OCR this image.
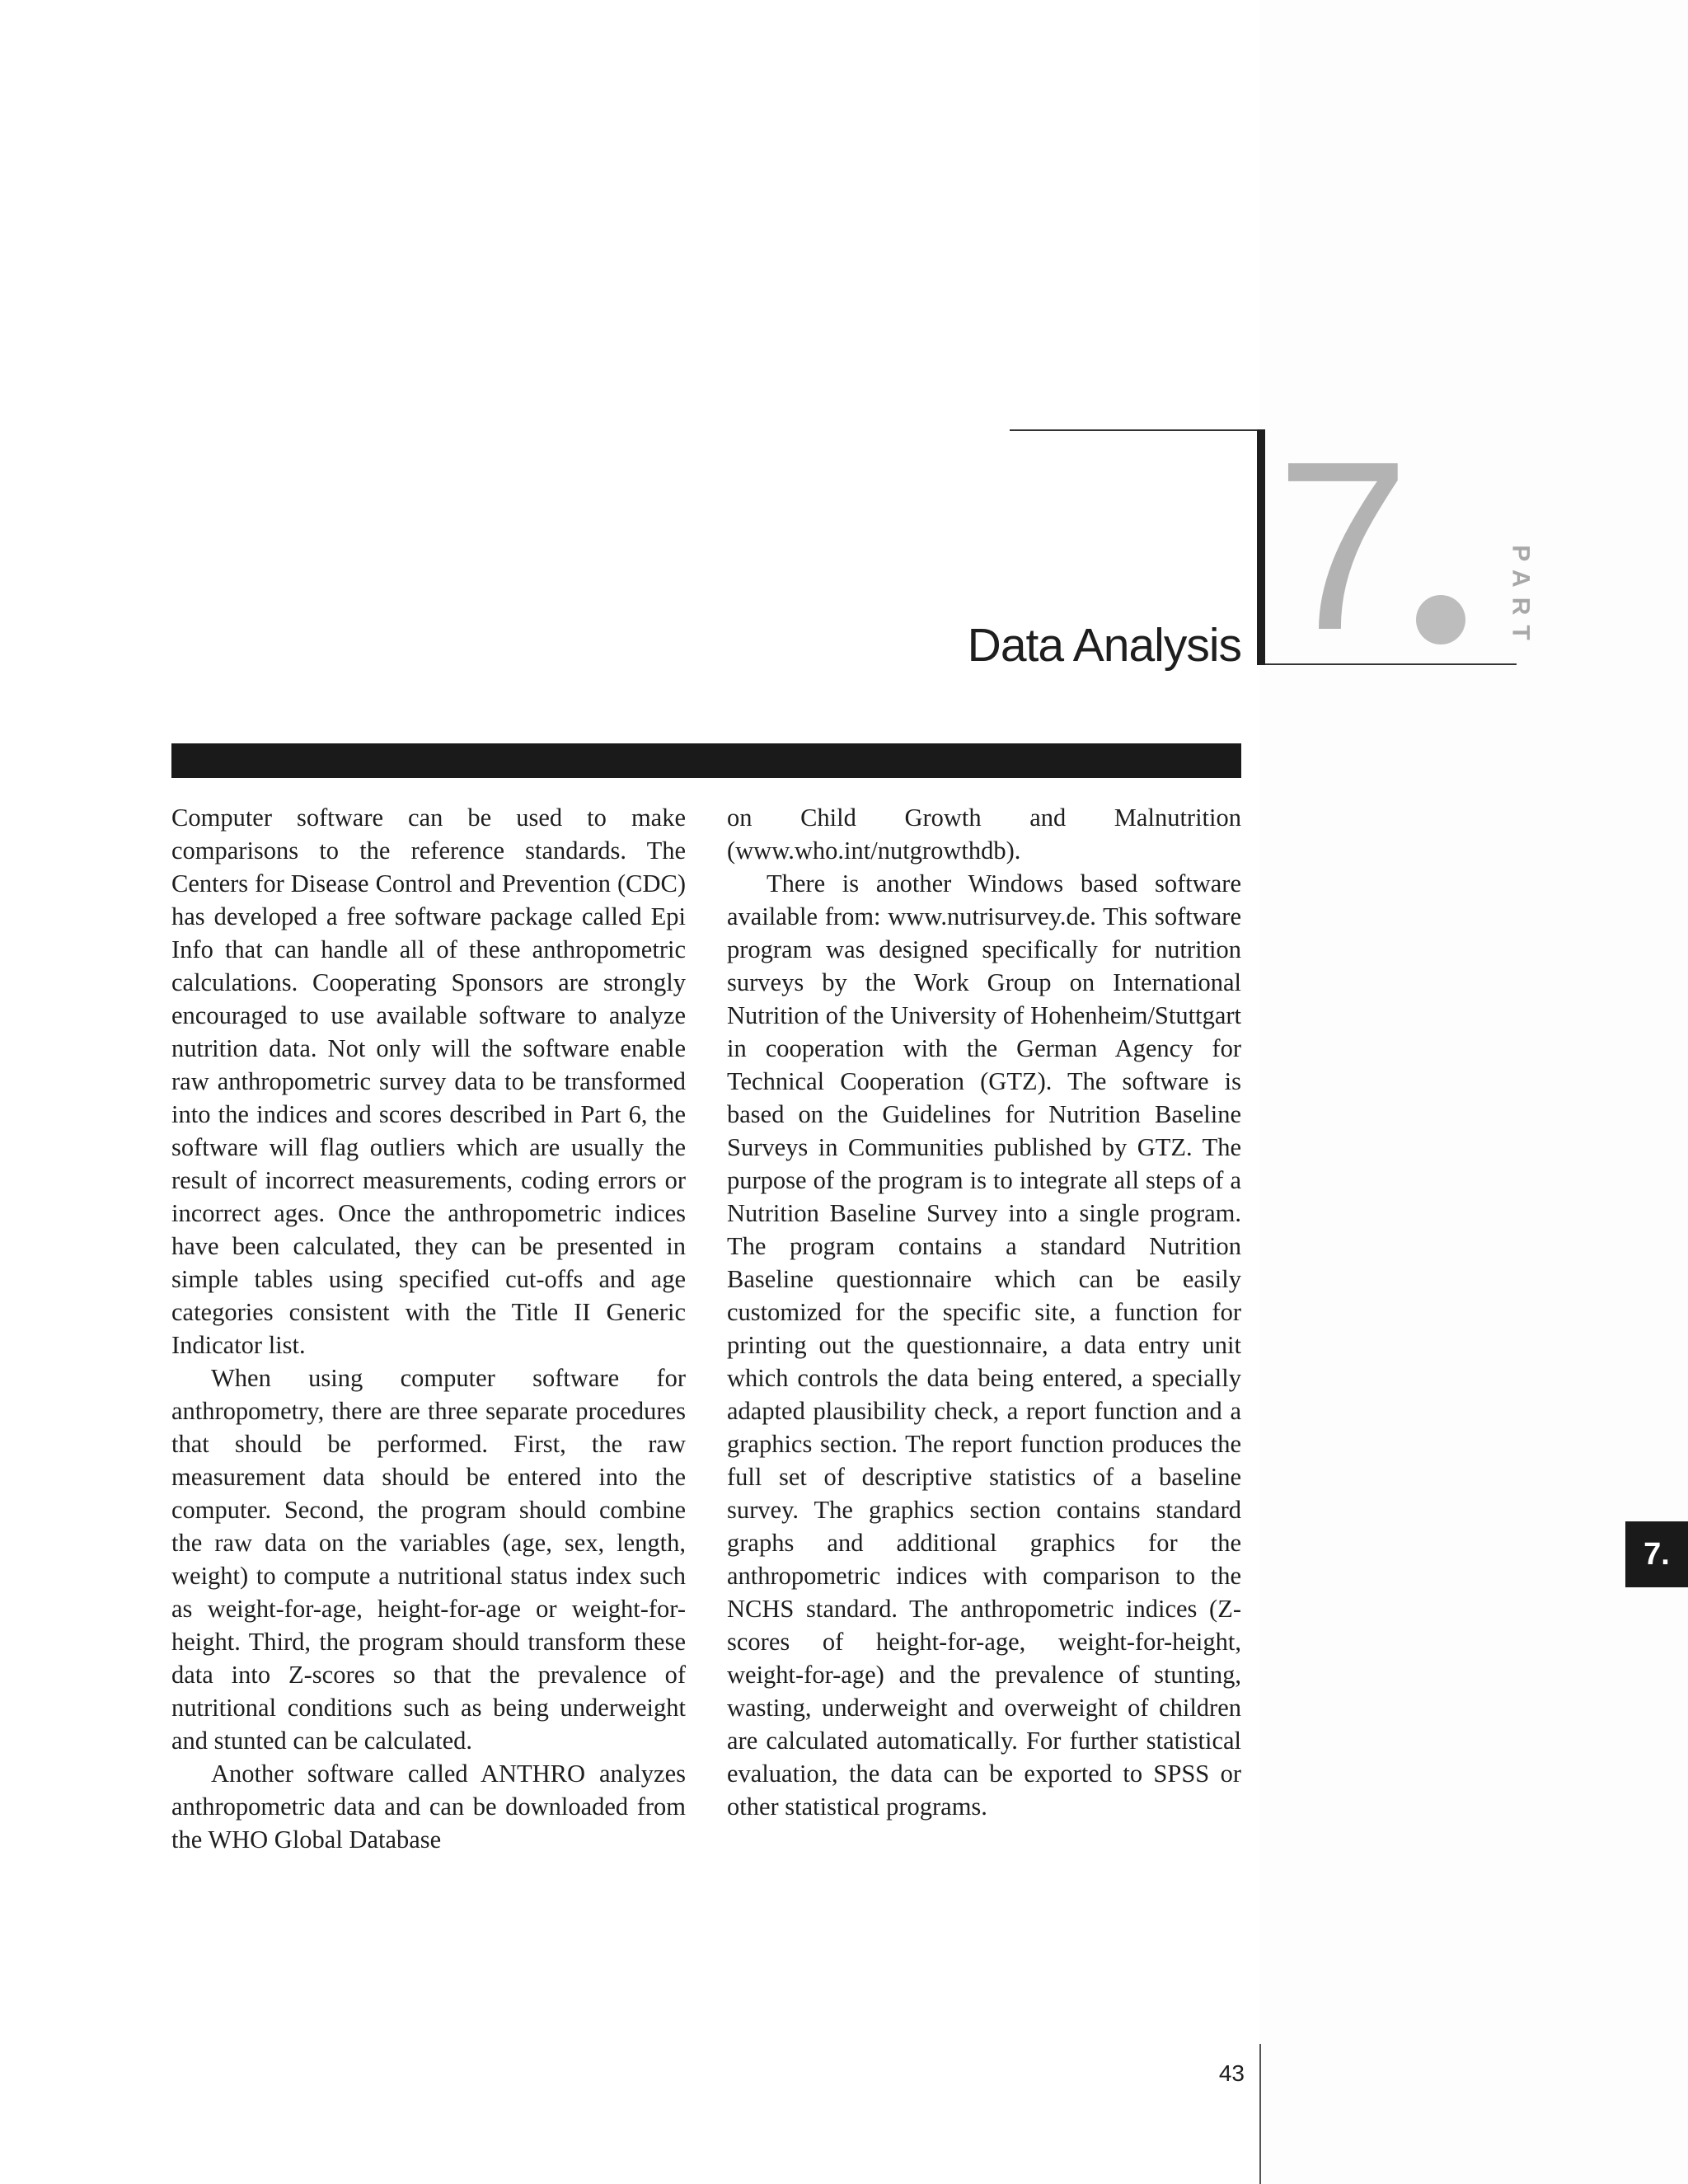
7	PART
Data Analysis

Computer software can be used to make comparisons to the reference standards. The Centers for Disease Control and Prevention (CDC) has developed a free software package called Epi Info that can handle all of these anthropometric calculations. Cooperating Sponsors are strongly encouraged to use available software to analyze nutrition data. Not only will the software enable raw anthropometric survey data to be transformed into the indices and scores described in Part 6, the software will flag outliers which are usually the result of incorrect measurements, coding errors or incorrect ages. Once the anthropometric indices have been calculated, they can be presented in simple tables using specified cut-offs and age categories consistent with the Title II Generic Indicator list.

When using computer software for anthropometry, there are three separate procedures that should be performed. First, the raw measurement data should be entered into the computer. Second, the program should combine the raw data on the variables (age, sex, length, weight) to compute a nutritional status index such as weight-for-age, height-for-age or weight-for-height. Third, the program should transform these data into Z-scores so that the prevalence of nutritional conditions such as being underweight and stunted can be calculated.

Another software called ANTHRO analyzes anthropometric data and can be downloaded from the WHO Global Database

on Child Growth and Malnutrition (www.who.int/nutgrowthdb).

There is another Windows based software available from: www.nutrisurvey.de. This software program was designed specifically for nutrition surveys by the Work Group on International Nutrition of the University of Hohenheim/Stuttgart in cooperation with the German Agency for Technical Cooperation (GTZ). The software is based on the Guidelines for Nutrition Baseline Surveys in Communities published by GTZ. The purpose of the program is to integrate all steps of a Nutrition Baseline Survey into a single program. The program contains a standard Nutrition Baseline questionnaire which can be easily customized for the specific site, a function for printing out the questionnaire, a data entry unit which controls the data being entered, a specially adapted plausibility check, a report function and a graphics section. The report function produces the full set of descriptive statistics of a baseline survey. The graphics section contains standard graphs and additional graphics for the anthropometric indices with comparison to the NCHS standard. The anthropometric indices (Z-scores of height-for-age, weight-for-height, weight-for-age) and the prevalence of stunting, wasting, underweight and overweight of children are calculated automatically. For further statistical evaluation, the data can be exported to SPSS or other statistical programs.

7.
43
